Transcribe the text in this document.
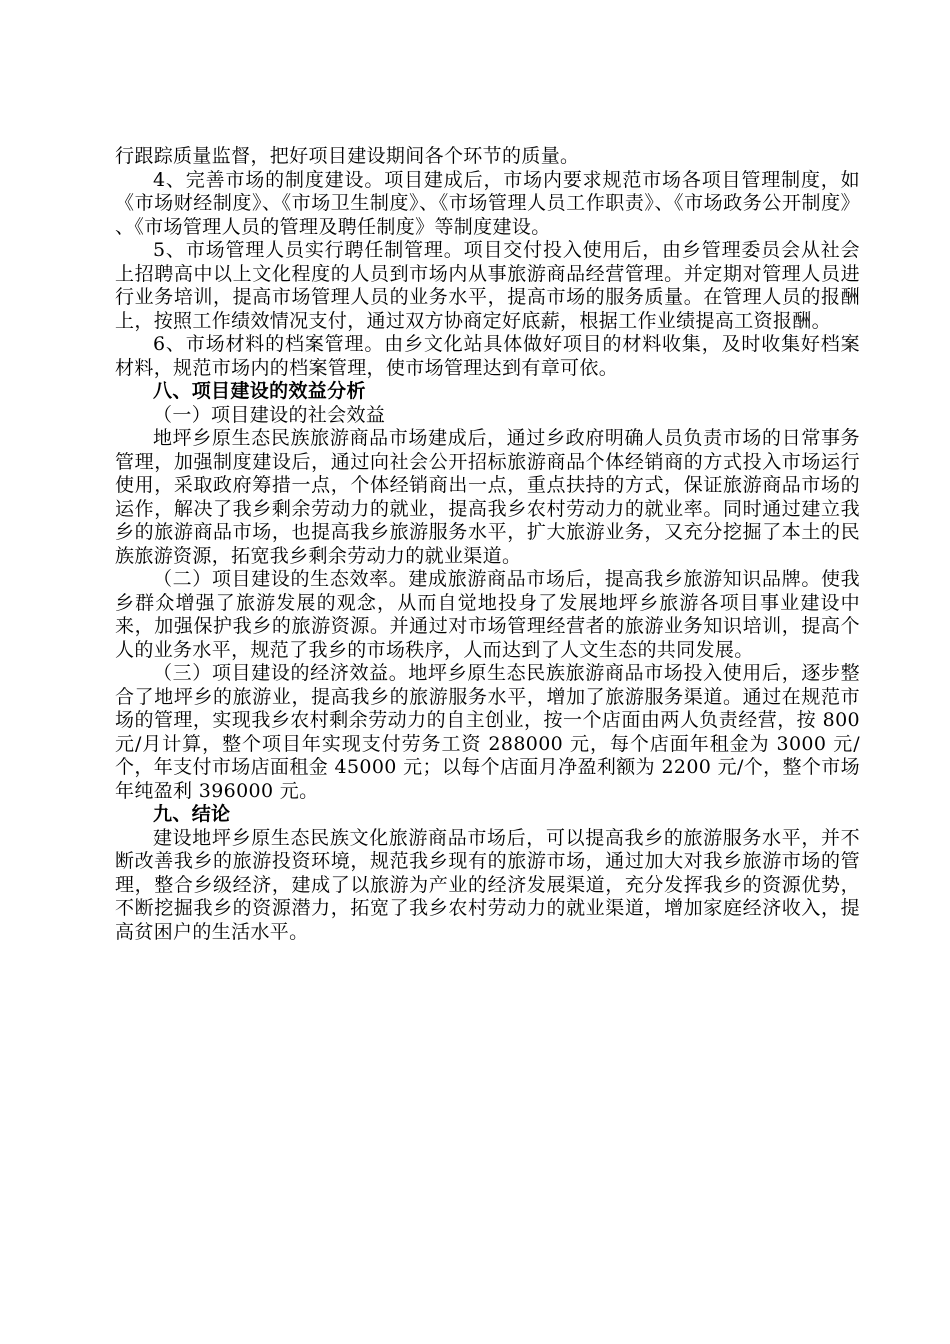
行跟踪质量监督，把好项目建设期间各个环节的质量。

4、完善市场的制度建设。项目建成后，市场内要求规范市场各项目管理制度，如《市场财经制度》、《市场卫生制度》、《市场管理人员工作职责》、《市场政务公开制度》 、《市场管理人员的管理及聘任制度》等制度建设。

5、市场管理人员实行聘任制管理。项目交付投入使用后，由乡管理委员会从社会上招聘高中以上文化程度的人员到市场内从事旅游商品经营管理。并定期对管理人员进行业务培训，提高市场管理人员的业务水平，提高市场的服务质量。在管理人员的报酬上，按照工作绩效情况支付，通过双方协商定好底薪，根据工作业绩提高工资报酬。

6、市场材料的档案管理。由乡文化站具体做好项目的材料收集，及时收集好档案材料，规范市场内的档案管理，使市场管理达到有章可依。

八、项目建设的效益分析

（一）项目建设的社会效益

地坪乡原生态民族旅游商品市场建成后，通过乡政府明确人员负责市场的日常事务管理，加强制度建设后，通过向社会公开招标旅游商品个体经销商的方式投入市场运行使用，采取政府筹措一点，个体经销商出一点，重点扶持的方式，保证旅游商品市场的运作，解决了我乡剩余劳动力的就业，提高我乡农村劳动力的就业率。同时通过建立我乡的旅游商品市场，也提高我乡旅游服务水平，扩大旅游业务，又充分挖掘了本土的民族旅游资源，拓宽我乡剩余劳动力的就业渠道。

（二）项目建设的生态效率。建成旅游商品市场后，提高我乡旅游知识品牌。使我乡群众增强了旅游发展的观念，从而自觉地投身了发展地坪乡旅游各项目事业建设中来，加强保护我乡的旅游资源。并通过对市场管理经营者的旅游业务知识培训，提高个人的业务水平，规范了我乡的市场秩序，人而达到了人文生态的共同发展。

（三）项目建设的经济效益。地坪乡原生态民族旅游商品市场投入使用后，逐步整合了地坪乡的旅游业，提高我乡的旅游服务水平，增加了旅游服务渠道。通过在规范市场的管理，实现我乡农村剩余劳动力的自主创业，按一个店面由两人负责经营，按 800 元/月计算，整个项目年实现支付劳务工资 288000 元，每个店面年租金为 3000 元/个，年支付市场店面租金 45000 元；以每个店面月净盈利额为 2200 元/个，整个市场年纯盈利 396000 元。

九、结论

建设地坪乡原生态民族文化旅游商品市场后，可以提高我乡的旅游服务水平，并不断改善我乡的旅游投资环境，规范我乡现有的旅游市场，通过加大对我乡旅游市场的管理，整合乡级经济，建成了以旅游为产业的经济发展渠道，充分发挥我乡的资源优势，不断挖掘我乡的资源潜力，拓宽了我乡农村劳动力的就业渠道，增加家庭经济收入，提高贫困户的生活水平。
